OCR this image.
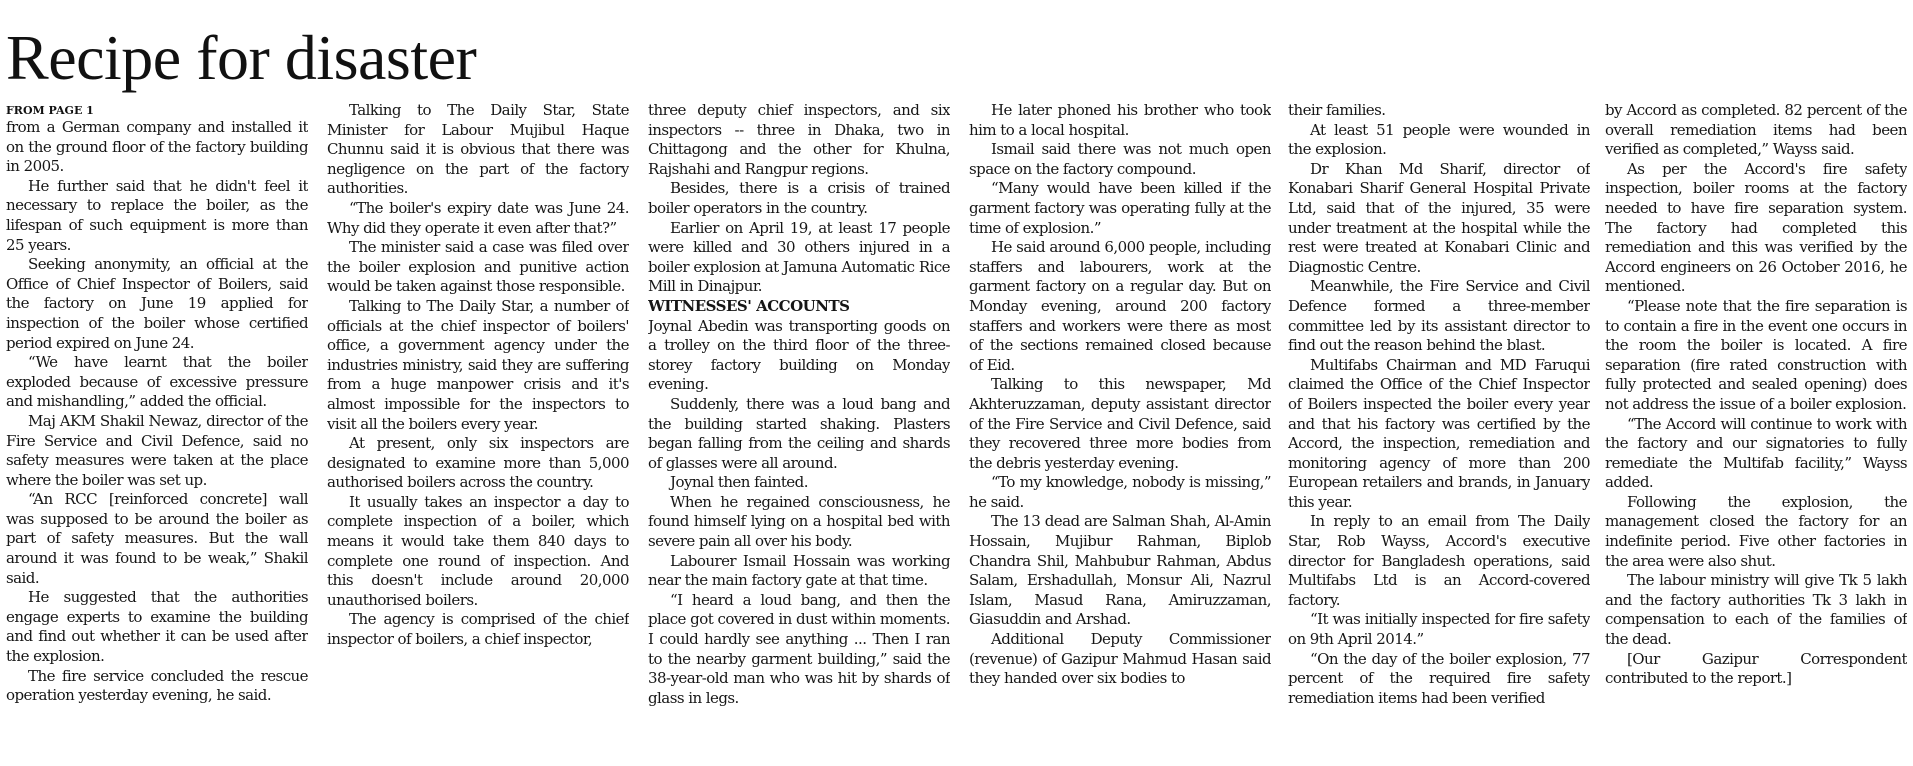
Recipe for disaster
FROM PAGE 1

from a German company and installed it on the ground floor of the factory building in 2005.

He further said that he didn't feel it necessary to replace the boiler, as the lifespan of such equipment is more than 25 years.

Seeking anonymity, an official at the Office of Chief Inspector of Boilers, said the factory on June 19 applied for inspection of the boiler whose certified period expired on June 24.

“We have learnt that the boiler exploded because of excessive pressure and mishandling,” added the official.

Maj AKM Shakil Newaz, director of the Fire Service and Civil Defence, said no safety measures were taken at the place where the boiler was set up.

“An RCC [reinforced concrete] wall was supposed to be around the boiler as part of safety measures. But the wall around it was found to be weak,” Shakil said.

He suggested that the authorities engage experts to examine the building and find out whether it can be used after the explosion.

The fire service concluded the rescue operation yesterday evening, he said.

Talking to The Daily Star, State Minister for Labour Mujibul Haque Chunnu said it is obvious that there was negligence on the part of the factory authorities.

“The boiler's expiry date was June 24. Why did they operate it even after that?”

The minister said a case was filed over the boiler explosion and punitive action would be taken against those responsible.

Talking to The Daily Star, a number of officials at the chief inspector of boilers' office, a government agency under the industries ministry, said they are suffering from a huge manpower crisis and it's almost impossible for the inspectors to visit all the boilers every year.

At present, only six inspectors are designated to examine more than 5,000 authorised boilers across the country.

It usually takes an inspector a day to complete inspection of a boiler, which means it would take them 840 days to complete one round of inspection. And this doesn't include around 20,000 unauthorised boilers.

The agency is comprised of the chief inspector of boilers, a chief inspector,

three deputy chief inspectors, and six inspectors -- three in Dhaka, two in Chittagong and the other for Khulna, Rajshahi and Rangpur regions.

Besides, there is a crisis of trained boiler operators in the country.

Earlier on April 19, at least 17 people were killed and 30 others injured in a boiler explosion at Jamuna Automatic Rice Mill in Dinajpur.

WITNESSES' ACCOUNTS

Joynal Abedin was transporting goods on a trolley on the third floor of the three-storey factory building on Monday evening.

Suddenly, there was a loud bang and the building started shaking. Plasters began falling from the ceiling and shards of glasses were all around.

Joynal then fainted.

When he regained consciousness, he found himself lying on a hospital bed with severe pain all over his body.

Labourer Ismail Hossain was working near the main factory gate at that time.

“I heard a loud bang, and then the place got covered in dust within moments. I could hardly see anything ... Then I ran to the nearby garment building,” said the 38-year-old man who was hit by shards of glass in legs.

He later phoned his brother who took him to a local hospital.

Ismail said there was not much open space on the factory compound.

“Many would have been killed if the garment factory was operating fully at the time of explosion.”

He said around 6,000 people, including staffers and labourers, work at the garment factory on a regular day. But on Monday evening, around 200 factory staffers and workers were there as most of the sections remained closed because of Eid.

Talking to this newspaper, Md Akhteruzzaman, deputy assistant director of the Fire Service and Civil Defence, said they recovered three more bodies from the debris yesterday evening.

“To my knowledge, nobody is missing,” he said.

The 13 dead are Salman Shah, Al-Amin Hossain, Mujibur Rahman, Biplob Chandra Shil, Mahbubur Rahman, Abdus Salam, Ershadullah, Monsur Ali, Nazrul Islam, Masud Rana, Amiruzzaman, Giasuddin and Arshad.

Additional Deputy Commissioner (revenue) of Gazipur Mahmud Hasan said they handed over six bodies to

their families.

At least 51 people were wounded in the explosion.

Dr Khan Md Sharif, director of Konabari Sharif General Hospital Private Ltd, said that of the injured, 35 were under treatment at the hospital while the rest were treated at Konabari Clinic and Diagnostic Centre.

Meanwhile, the Fire Service and Civil Defence formed a three-member committee led by its assistant director to find out the reason behind the blast.

Multifabs Chairman and MD Faruqui claimed the Office of the Chief Inspector of Boilers inspected the boiler every year and that his factory was certified by the Accord, the inspection, remediation and monitoring agency of more than 200 European retailers and brands, in January this year.

In reply to an email from The Daily Star, Rob Wayss, Accord's executive director for Bangladesh operations, said Multifabs Ltd is an Accord-covered factory.

“It was initially inspected for fire safety on 9th April 2014.”

“On the day of the boiler explosion, 77 percent of the required fire safety remediation items had been verified

by Accord as completed. 82 percent of the overall remediation items had been verified as completed,” Wayss said.

As per the Accord's fire safety inspection, boiler rooms at the factory needed to have fire separation system. The factory had completed this remediation and this was verified by the Accord engineers on 26 October 2016, he mentioned.

“Please note that the fire separation is to contain a fire in the event one occurs in the room the boiler is located. A fire separation (fire rated construction with fully protected and sealed opening) does not address the issue of a boiler explosion.

“The Accord will continue to work with the factory and our signatories to fully remediate the Multifab facility,” Wayss added.

Following the explosion, the management closed the factory for an indefinite period. Five other factories in the area were also shut.

The labour ministry will give Tk 5 lakh and the factory authorities Tk 3 lakh in compensation to each of the families of the dead.

[Our Gazipur Correspondent contributed to the report.]
